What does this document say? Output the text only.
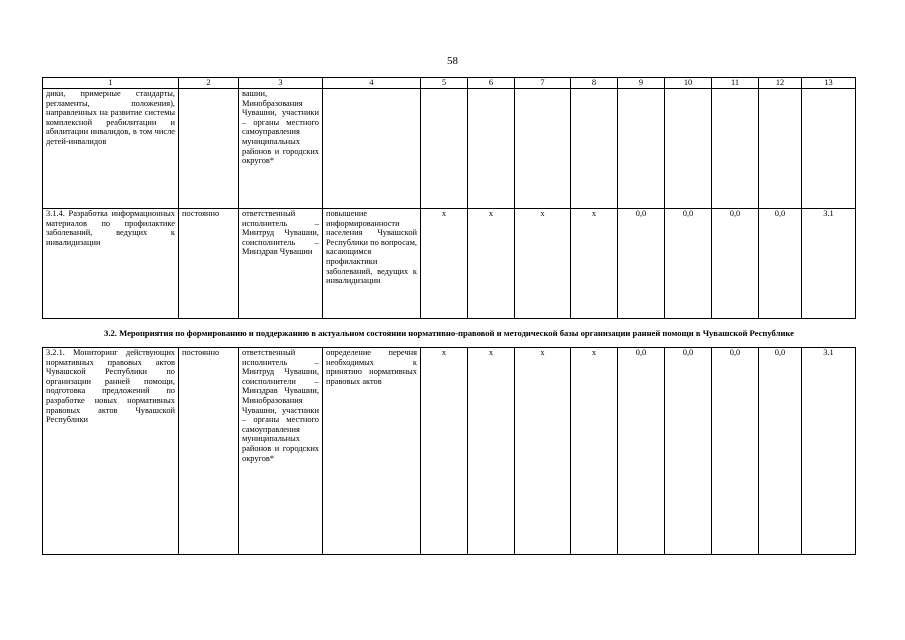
58
1	2	3	4	5	6	7	8	9	10	11	12	13
дики, примерные стандарты, регламенты, положения), направленных на развитие системы комплексной реабилитации и абилитации инвалидов, в том числе детей-инвалидов		вашии, Минобразования Чувашии, участники – органы местного самоуправления муниципальных районов и городских округов*										
3.1.4. Разработка информационных материалов по профилактике заболеваний, ведущих к инвалидизации	постоянно	ответственный исполнитель – Минтруд Чувашии, соисполнитель – Минздрав Чувашии	повышение информированности населения Чувашской Республики по вопросам, касающимся профилактики заболеваний, ведущих к инвалидизации	х	х	х	х	0,0	0,0	0,0	0,0	3.1
3.2. Мероприятия по формированию и поддержанию в актуальном состоянии нормативно-правовой и методической базы организации ранней помощи в Чувашской Республике												
3.2.1. Мониторинг действующих нормативных правовых актов Чувашской Республики по организации ранней помощи, подготовка предложений по разработке новых нормативных правовых актов Чувашской Республики	постоянно	ответственный исполнитель – Минтруд Чувашии, соисполнители – Минздрав Чувашии, Минобразования Чувашии, участники – органы местного самоуправления муниципальных районов и городских округов*	определение перечня необходимых к принятию нормативных правовых актов	х	х	х	х	0,0	0,0	0,0	0,0	3.1
